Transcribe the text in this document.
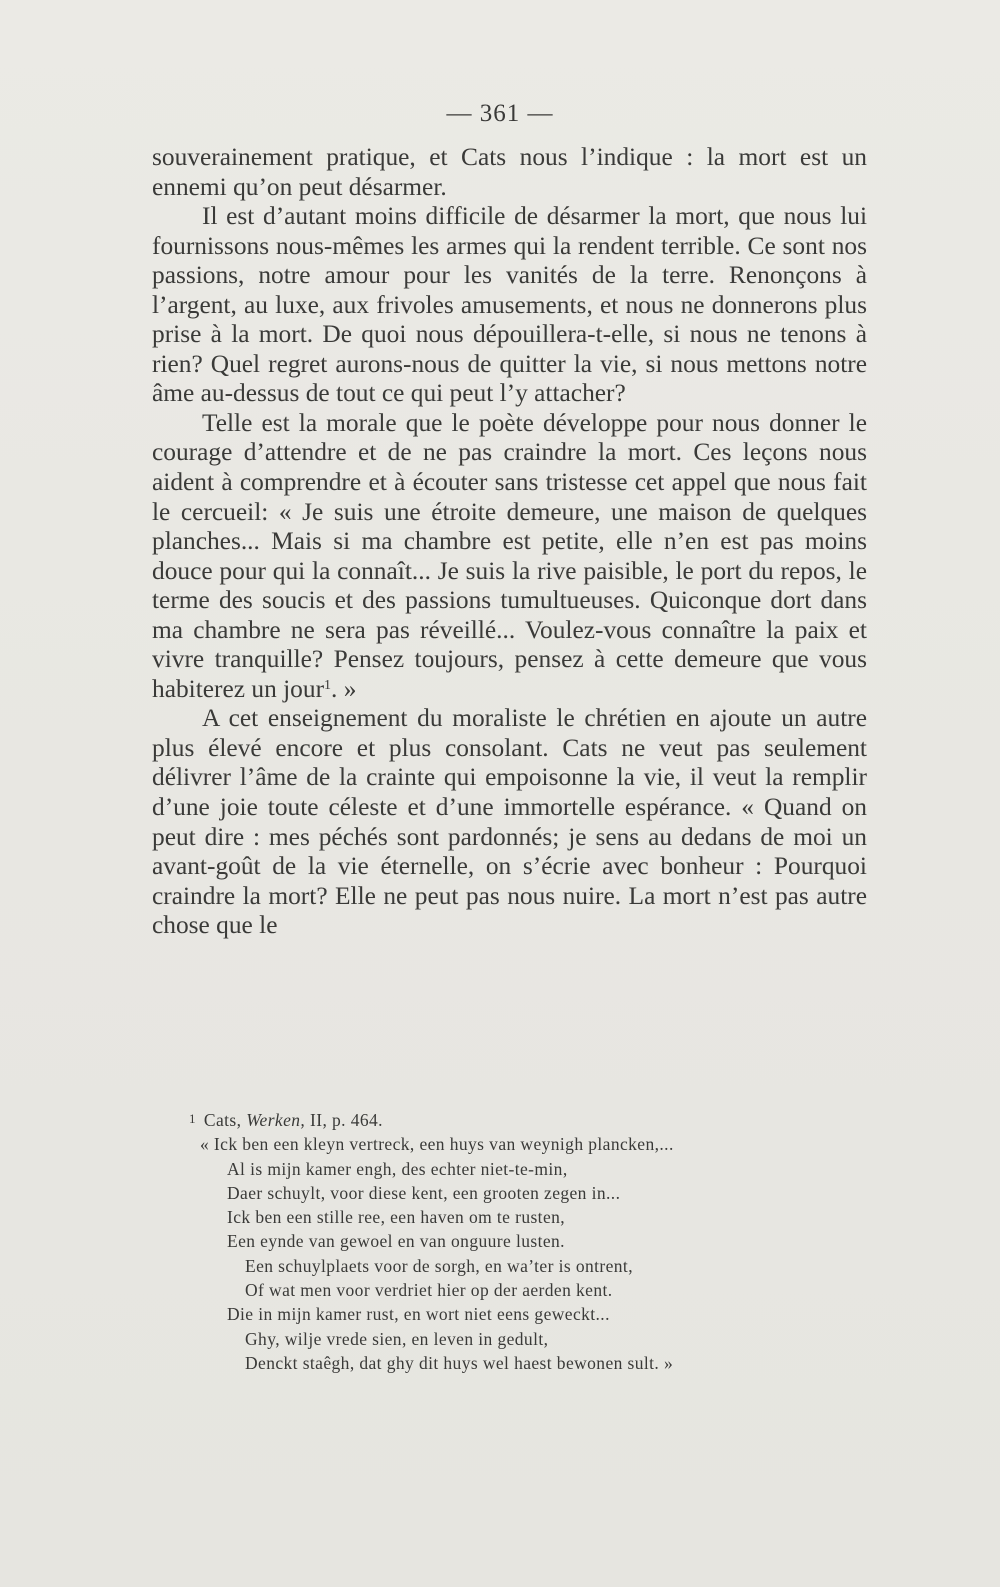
— 361 —

souverainement pratique, et Cats nous l’indique : la mort est un ennemi qu’on peut désarmer.

Il est d’autant moins difficile de désarmer la mort, que nous lui fournissons nous-mêmes les armes qui la rendent terrible. Ce sont nos passions, notre amour pour les vanités de la terre. Renonçons à l’argent, au luxe, aux frivoles amusements, et nous ne donnerons plus prise à la mort. De quoi nous dépouillera-t-elle, si nous ne tenons à rien? Quel regret aurons-nous de quitter la vie, si nous mettons notre âme au-dessus de tout ce qui peut l’y attacher?

Telle est la morale que le poète développe pour nous donner le courage d’attendre et de ne pas craindre la mort. Ces leçons nous aident à comprendre et à écouter sans tristesse cet appel que nous fait le cercueil: « Je suis une étroite demeure, une maison de quelques planches... Mais si ma chambre est petite, elle n’en est pas moins douce pour qui la connaît... Je suis la rive paisible, le port du repos, le terme des soucis et des passions tumultueuses. Quiconque dort dans ma chambre ne sera pas réveillé... Voulez-vous connaître la paix et vivre tranquille? Pensez toujours, pensez à cette demeure que vous habiterez un jour$^1$. »

A cet enseignement du moraliste le chrétien en ajoute un autre plus élevé encore et plus consolant. Cats ne veut pas seulement délivrer l’âme de la crainte qui empoisonne la vie, il veut la remplir d’une joie toute céleste et d’une immortelle espérance. « Quand on peut dire : mes péchés sont pardonnés; je sens au dedans de moi un avant-goût de la vie éternelle, on s’écrie avec bonheur : Pourquoi craindre la mort? Elle ne peut pas nous nuire. La mort n’est pas autre chose que le

1 Cats, Werken, II, p. 464.
« Ick ben een kleyn vertreck, een huys van weynigh plancken,...
Al is mijn kamer engh, des echter niet-te-min,
Daer schuylt, voor diese kent, een grooten zegen in...
Ick ben een stille ree, een haven om te rusten,
Een eynde van gewoel en van onguure lusten.
Een schuylplaets voor de sorgh, en wa’ter is ontrent,
Of wat men voor verdriet hier op der aerden kent.
Die in mijn kamer rust, en wort niet eens geweckt...
Ghy, wilje vrede sien, en leven in gedult,
Denckt staêgh, dat ghy dit huys wel haest bewonen sult. »
